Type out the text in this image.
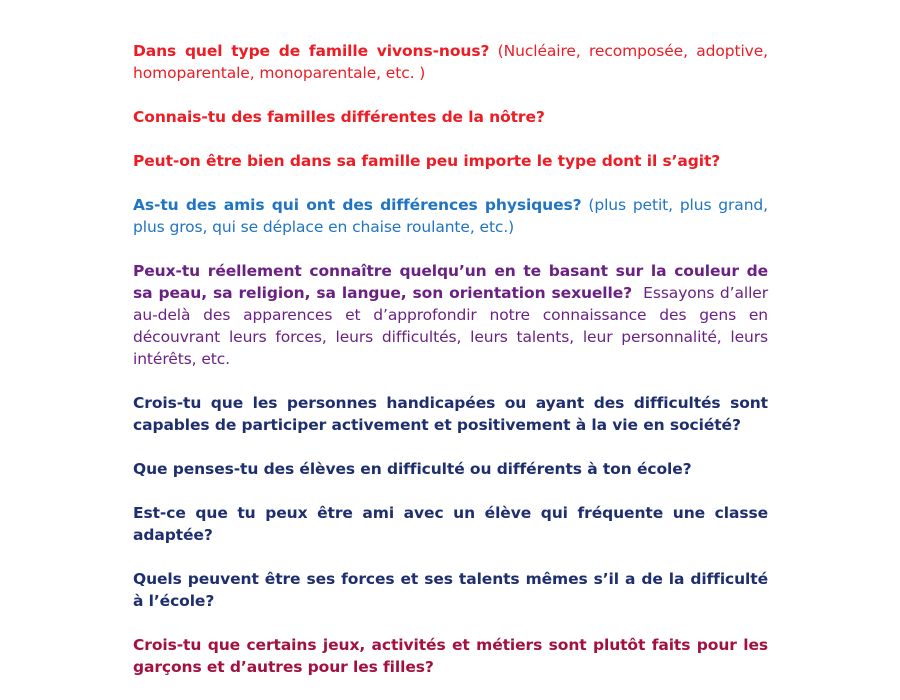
Dans quel type de famille vivons-nous? (Nucléaire, recomposée, adoptive, homoparentale, monoparentale, etc. )

Connais-tu des familles différentes de la nôtre?

Peut-on être bien dans sa famille peu importe le type dont il s’agit?

As-tu des amis qui ont des différences physiques? (plus petit, plus grand, plus gros, qui se déplace en chaise roulante, etc.)

Peux-tu réellement connaître quelqu’un en te basant sur la couleur de sa peau, sa religion, sa langue, son orientation sexuelle? Essayons d’aller au-delà des apparences et d’approfondir notre connaissance des gens en découvrant leurs forces, leurs difficultés, leurs talents, leur personnalité, leurs intérêts, etc.

Crois-tu que les personnes handicapées ou ayant des difficultés sont capables de participer activement et positivement à la vie en société?

Que penses-tu des élèves en difficulté ou différents à ton école?

Est-ce que tu peux être ami avec un élève qui fréquente une classe adaptée?

Quels peuvent être ses forces et ses talents mêmes s’il a de la difficulté à l’école?

Crois-tu que certains jeux, activités et métiers sont plutôt faits pour les garçons et d’autres pour les filles?
